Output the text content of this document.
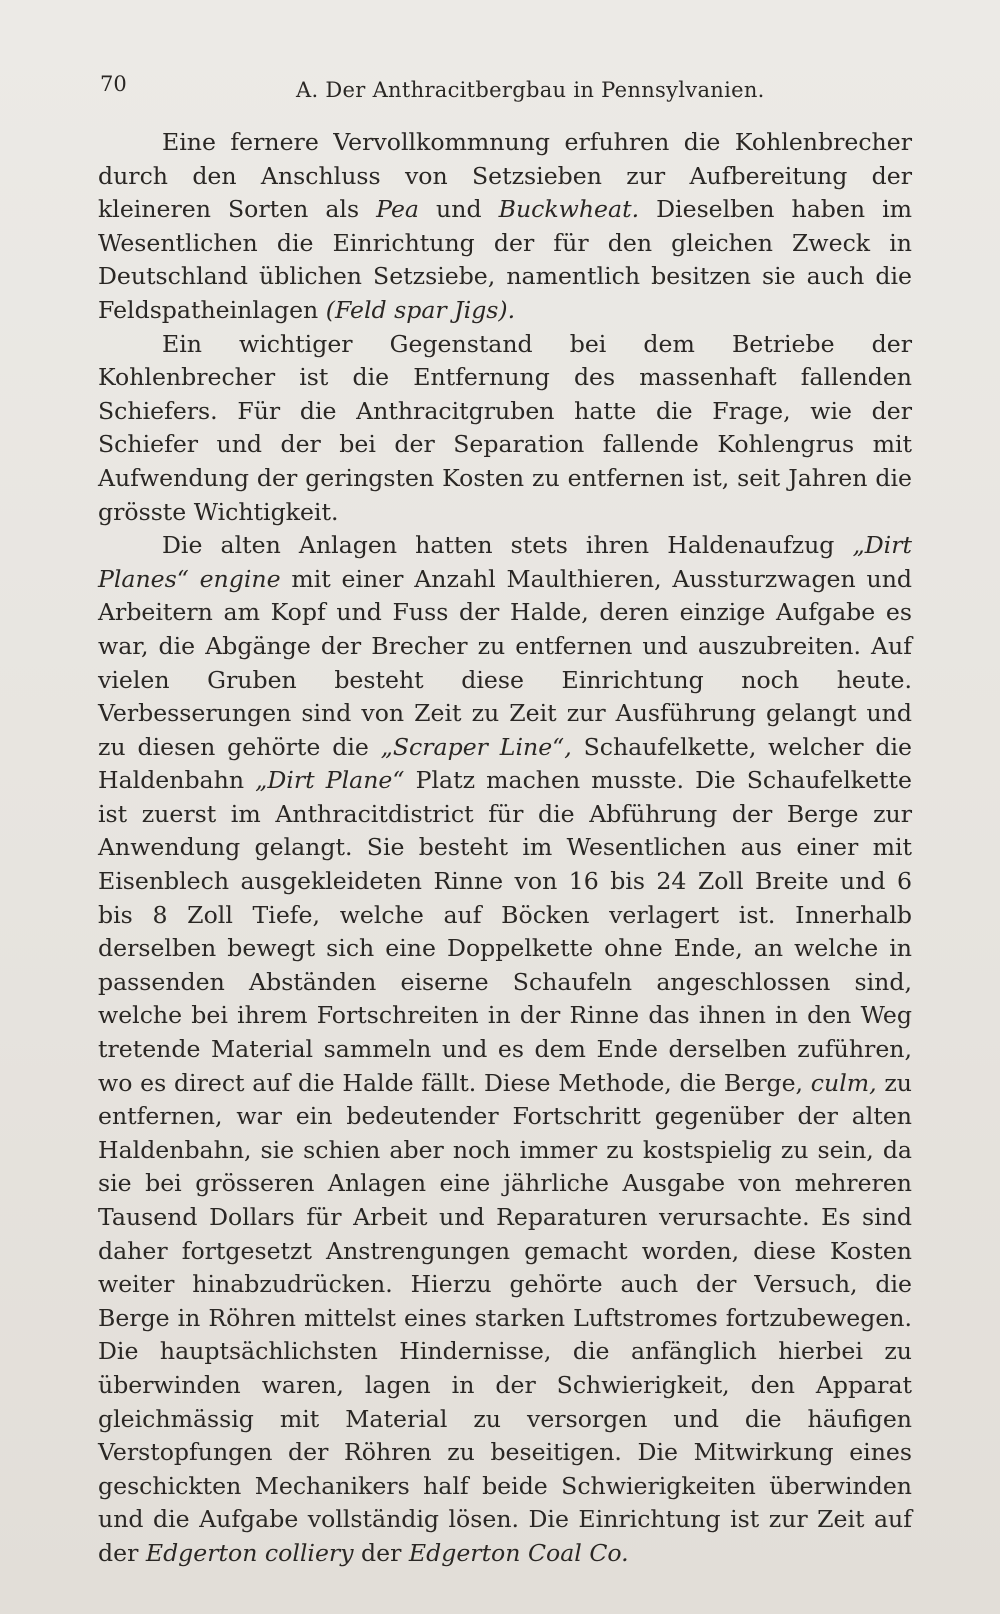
70	A. Der Anthracitbergbau in Pennsylvanien.

Eine fernere Vervollkommnung erfuhren die Kohlenbrecher durch den Anschluss von Setzsieben zur Aufbereitung der kleineren Sorten als Pea und Buckwheat. Dieselben haben im Wesentlichen die Einrichtung der für den gleichen Zweck in Deutschland üblichen Setzsiebe, namentlich besitzen sie auch die Feldspatheinlagen (Feld spar Jigs).

Ein wichtiger Gegenstand bei dem Betriebe der Kohlenbrecher ist die Entfernung des massenhaft fallenden Schiefers. Für die Anthracitgruben hatte die Frage, wie der Schiefer und der bei der Separation fallende Kohlengrus mit Aufwendung der geringsten Kosten zu entfernen ist, seit Jahren die grösste Wichtigkeit.

Die alten Anlagen hatten stets ihren Haldenaufzug „Dirt Planes“ engine mit einer Anzahl Maulthieren, Aussturzwagen und Arbeitern am Kopf und Fuss der Halde, deren einzige Aufgabe es war, die Abgänge der Brecher zu entfernen und auszubreiten. Auf vielen Gruben besteht diese Einrichtung noch heute. Verbesserungen sind von Zeit zu Zeit zur Ausführung gelangt und zu diesen gehörte die „Scraper Line“, Schaufelkette, welcher die Haldenbahn „Dirt Plane“ Platz machen musste. Die Schaufelkette ist zuerst im Anthracitdistrict für die Abführung der Berge zur Anwendung gelangt. Sie besteht im Wesentlichen aus einer mit Eisenblech ausgekleideten Rinne von 16 bis 24 Zoll Breite und 6 bis 8 Zoll Tiefe, welche auf Böcken verlagert ist. Innerhalb derselben bewegt sich eine Doppelkette ohne Ende, an welche in passenden Abständen eiserne Schaufeln angeschlossen sind, welche bei ihrem Fortschreiten in der Rinne das ihnen in den Weg tretende Material sammeln und es dem Ende derselben zuführen, wo es direct auf die Halde fällt. Diese Methode, die Berge, culm, zu entfernen, war ein bedeutender Fortschritt gegenüber der alten Haldenbahn, sie schien aber noch immer zu kostspielig zu sein, da sie bei grösseren Anlagen eine jährliche Ausgabe von mehreren Tausend Dollars für Arbeit und Reparaturen verursachte. Es sind daher fortgesetzt Anstrengungen gemacht worden, diese Kosten weiter hinabzudrücken. Hierzu gehörte auch der Versuch, die Berge in Röhren mittelst eines starken Luftstromes fortzubewegen. Die hauptsächlichsten Hindernisse, die anfänglich hierbei zu überwinden waren, lagen in der Schwierigkeit, den Apparat gleichmässig mit Material zu versorgen und die häufigen Verstopfungen der Röhren zu beseitigen. Die Mitwirkung eines geschickten Mechanikers half beide Schwierigkeiten überwinden und die Aufgabe vollständig lösen. Die Einrichtung ist zur Zeit auf der Edgerton colliery der Edgerton Coal Co.
